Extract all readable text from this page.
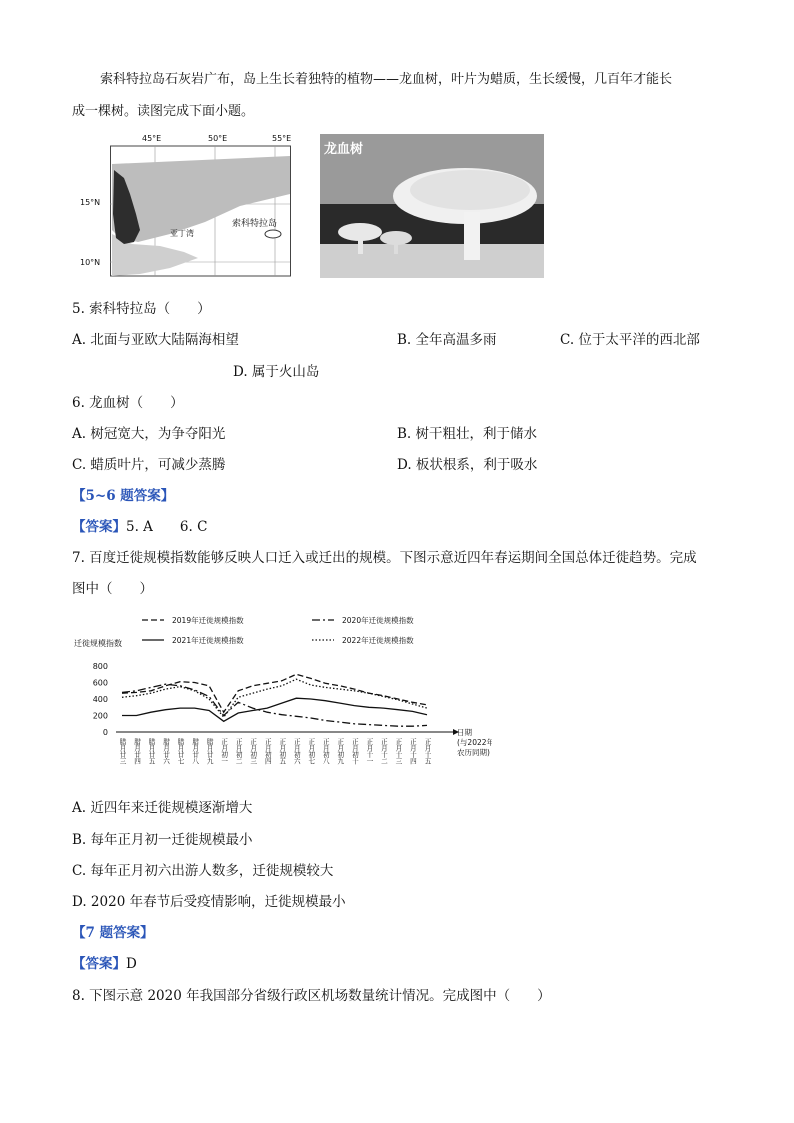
索科特拉岛石灰岩广布，岛上生长着独特的植物——龙血树，叶片为蜡质，生长缓慢，几百年才能长
成一棵树。读图完成下面小题。
45°E	50°E	55°E
15°N
10°N
索科特拉岛
亚丁湾
龙血树
5. 索科特拉岛（　　）
A. 北面与亚欧大陆隔海相望	B. 全年高温多雨	C. 位于太平洋的西北部
D. 属于火山岛
6. 龙血树（　　）
A. 树冠宽大，为争夺阳光	B. 树干粗壮，利于储水
C. 蜡质叶片，可减少蒸腾	D. 板状根系，利于吸水
【5~6 题答案】
【答案】5. A　　6. C
7. 百度迁徙规模指数能够反映人口迁入或迁出的规模。下图示意近四年春运期间全国总体迁徙趋势。完成
图中（　　）
2019年迁徙规模指数	2020年迁徙规模指数
2021年迁徙规模指数	2022年迁徙规模指数
迁徙规模指数
0
200
400
600
800
日期
(与2022年
农历同期)
腊月廿三 腊月廿四 腊月廿五 腊月廿六 腊月廿七 腊月廿八 腊月廿九 正月初一 正月初二 正月初三 正月初四 正月初五 正月初六 正月初七 正月初八 正月初九 正月初十 正月十一 正月十二 正月十三 正月十四 正月十五
A. 近四年来迁徙规模逐渐增大
B. 每年正月初一迁徙规模最小
C. 每年正月初六出游人数多，迁徙规模较大
D. 2020 年春节后受疫情影响，迁徙规模最小
【7 题答案】
【答案】D
8. 下图示意 2020 年我国部分省级行政区机场数量统计情况。完成图中（　　）
